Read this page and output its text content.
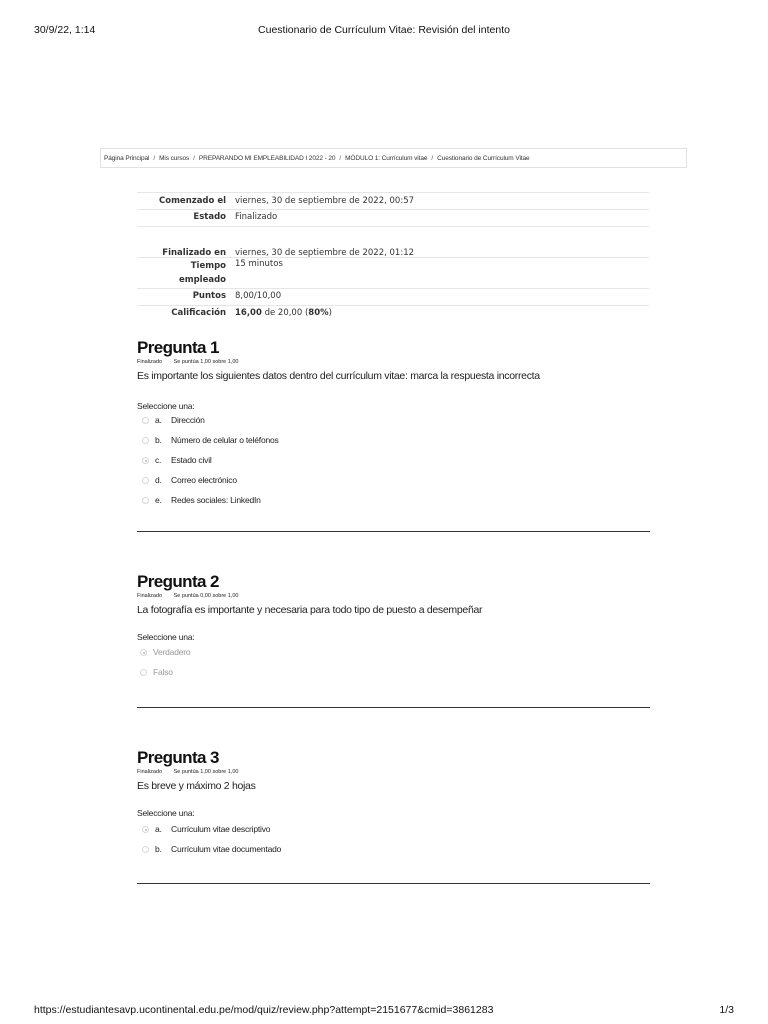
30/9/22, 1:14	Cuestionario de Currículum Vitae: Revisión del intento
Página Principal / Mis cursos / PREPARANDO MI EMPLEABILIDAD I 2022 - 20 / MÓDULO 1: Currículum vitae / Cuestionario de Currículum Vitae
Comenzado el viernes, 30 de septiembre de 2022, 00:57
Estado Finalizado
Finalizado en viernes, 30 de septiembre de 2022, 01:12
Tiempo
empleado
15 minutos
Puntos 8,00/10,00
Calificación 16,00 de 20,00 (80%)
Pregunta 1
Finalizado Se puntúa 1,00 sobre 1,00
Es importante los siguientes datos dentro del currículum vitae: marca la respuesta incorrecta
Seleccione una:
a. Dirección
b. Número de celular o teléfonos
c. Estado civil
d. Correo electrónico
e. Redes sociales: LinkedIn
Pregunta 2
Finalizado Se puntúa 0,00 sobre 1,00
La fotografía es importante y necesaria para todo tipo de puesto a desempeñar
Seleccione una:
Verdadero
Falso
Pregunta 3
Finalizado Se puntúa 1,00 sobre 1,00
Es breve y máximo 2 hojas
Seleccione una:
a. Currículum vitae descriptivo
b. Currículum vitae documentado
https://estudiantesavp.ucontinental.edu.pe/mod/quiz/review.php?attempt=2151677&cmid=3861283	1/3
